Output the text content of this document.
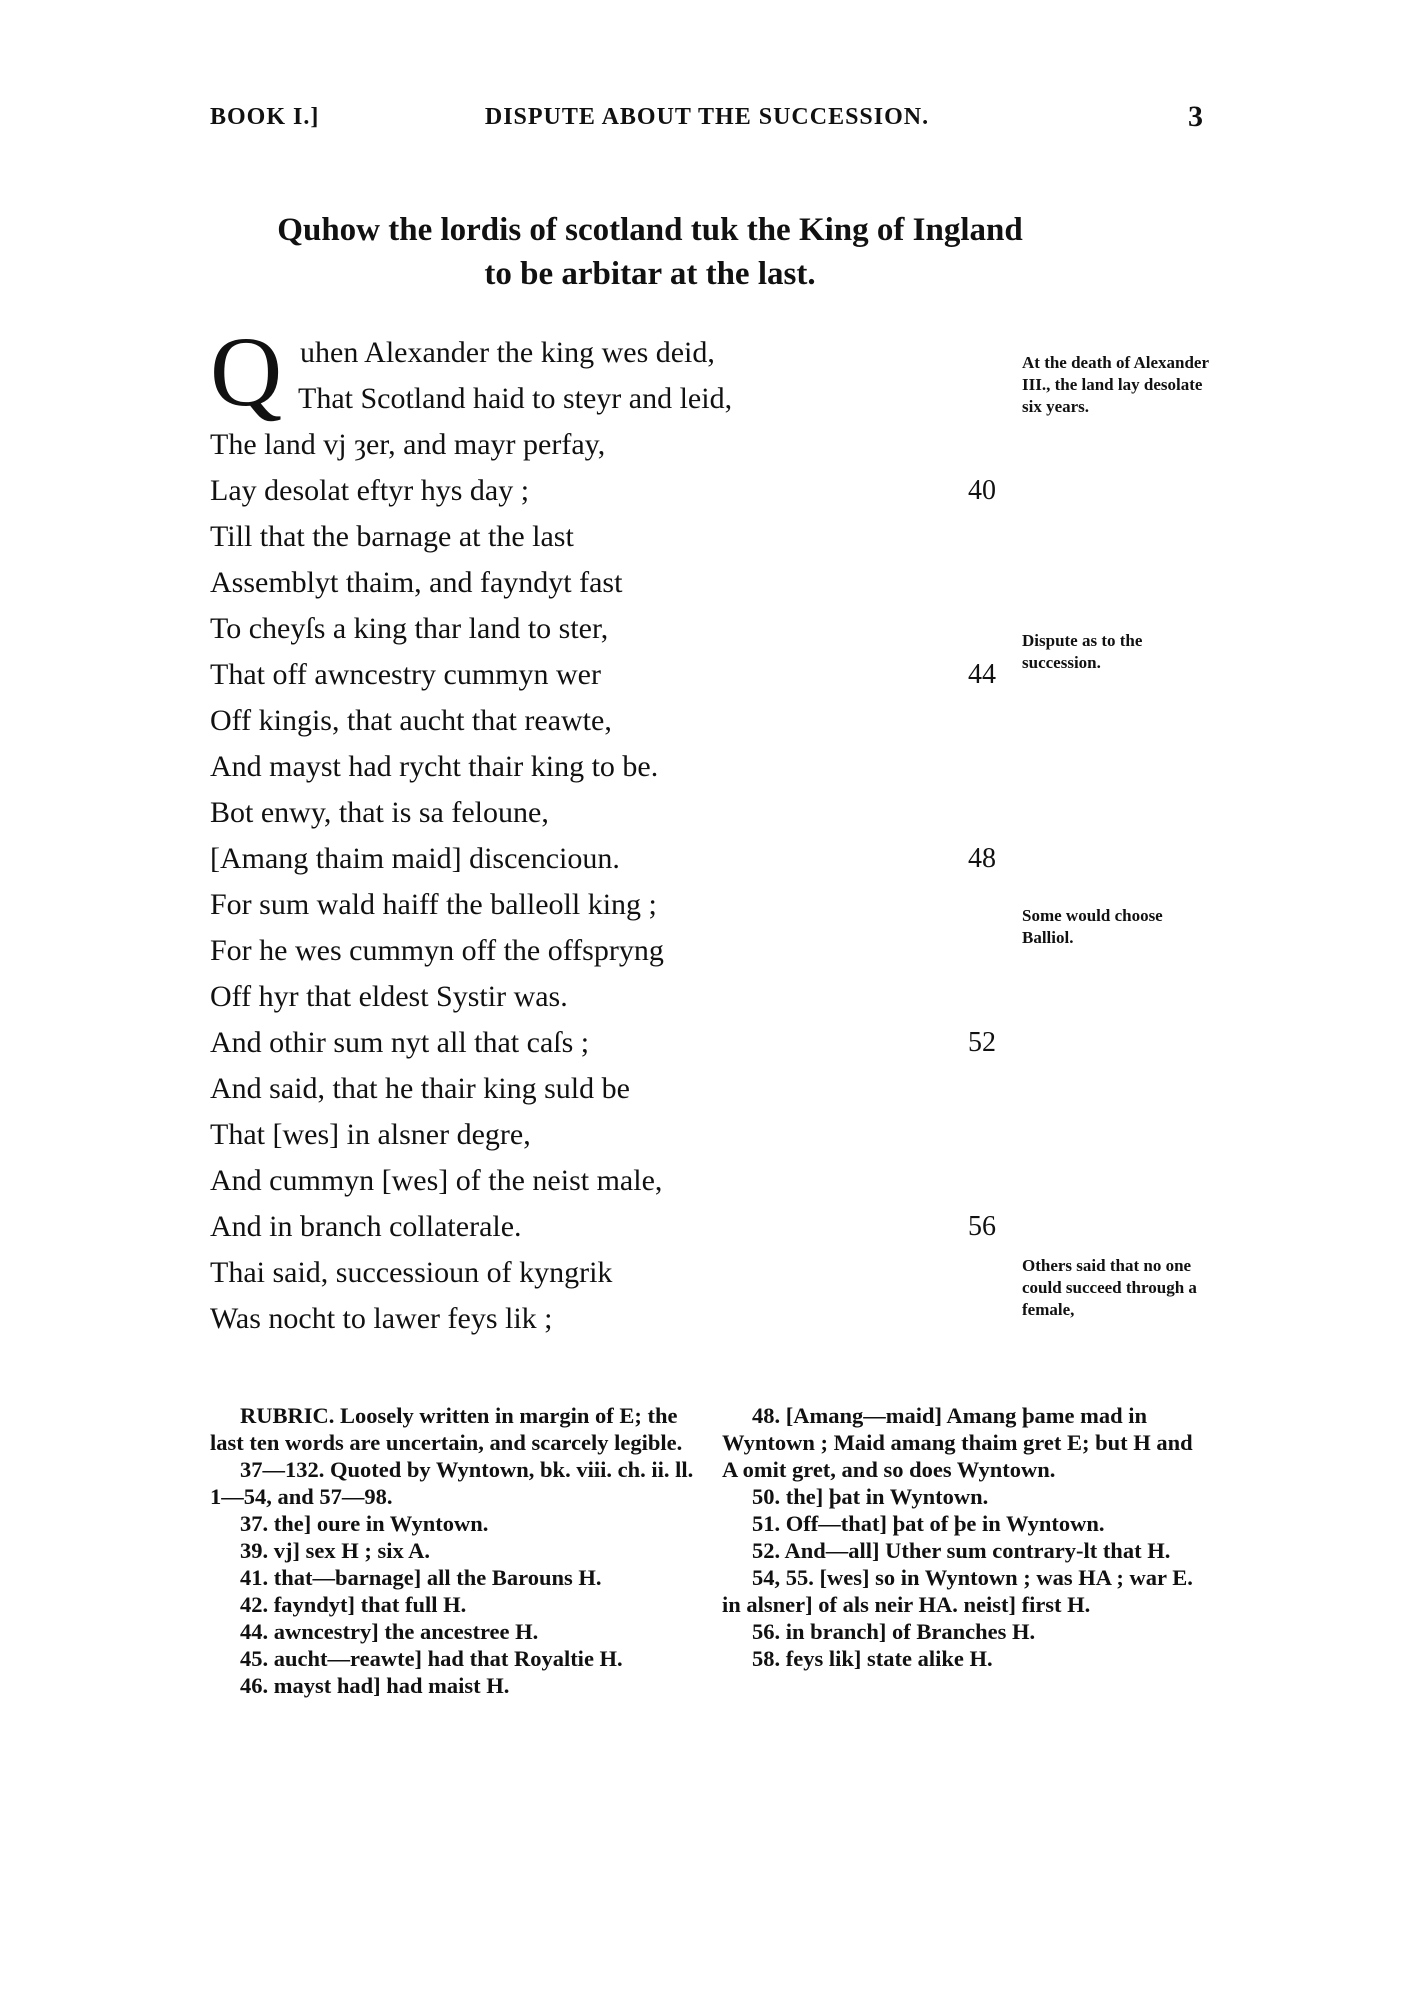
BOOK I.]	DISPUTE ABOUT THE SUCCESSION.	3
Quhow the lordis of scotland tuk the King of Ingland
to be arbitar at the last.
Q uhen Alexander the king wes deid,
That Scotland haid to steyr and leid,
The land vj ȝer, and mayr perfay,
Lay desolat eftyr hys day ;
Till that the barnage at the last
Assemblyt thaim, and fayndyt fast
To cheyſs a king thar land to ster,
That off awncestry cummyn wer
Off kingis, that aucht that reawte,
And mayst had rycht thair king to be.
Bot enwy, that is sa feloune,
[Amang thaim maid] discencioun.
For sum wald haiff the balleoll king ;
For he wes cummyn off the offspryng
Off hyr that eldest Systir was.
And othir sum nyt all that caſs ;
And said, that he thair king suld be
That [wes] in alsner degre,
And cummyn [wes] of the neist male,
And in branch collaterale.
Thai said, successioun of kyngrik
Was nocht to lawer feys lik ;
40
44
48
52
56
At the death of Alexander III., the land lay desolate six years.
Dispute as to the succession.
Some would choose Balliol.
Others said that no one could succeed through a female,

RUBRIC. Loosely written in margin of E; the last ten words are uncertain, and scarcely legible.

37—132. Quoted by Wyntown, bk. viii. ch. ii. ll. 1—54, and 57—98.

37. the] oure in Wyntown.

39. vj] sex H ; six A.

41. that—barnage] all the Barouns H.

42. fayndyt] that full H.

44. awncestry] the ancestree H.

45. aucht—reawte] had that Royaltie H.

46. mayst had] had maist H.

48. [Amang—maid] Amang þame mad in Wyntown ; Maid amang thaim gret E; but H and A omit gret, and so does Wyntown.

50. the] þat in Wyntown.

51. Off—that] þat of þe in Wyntown.

52. And—all] Uther sum contrary-lt that H.

54, 55. [wes] so in Wyntown ; was HA ; war E. in alsner] of als neir HA. neist] first H.

56. in branch] of Branches H.

58. feys lik] state alike H.
